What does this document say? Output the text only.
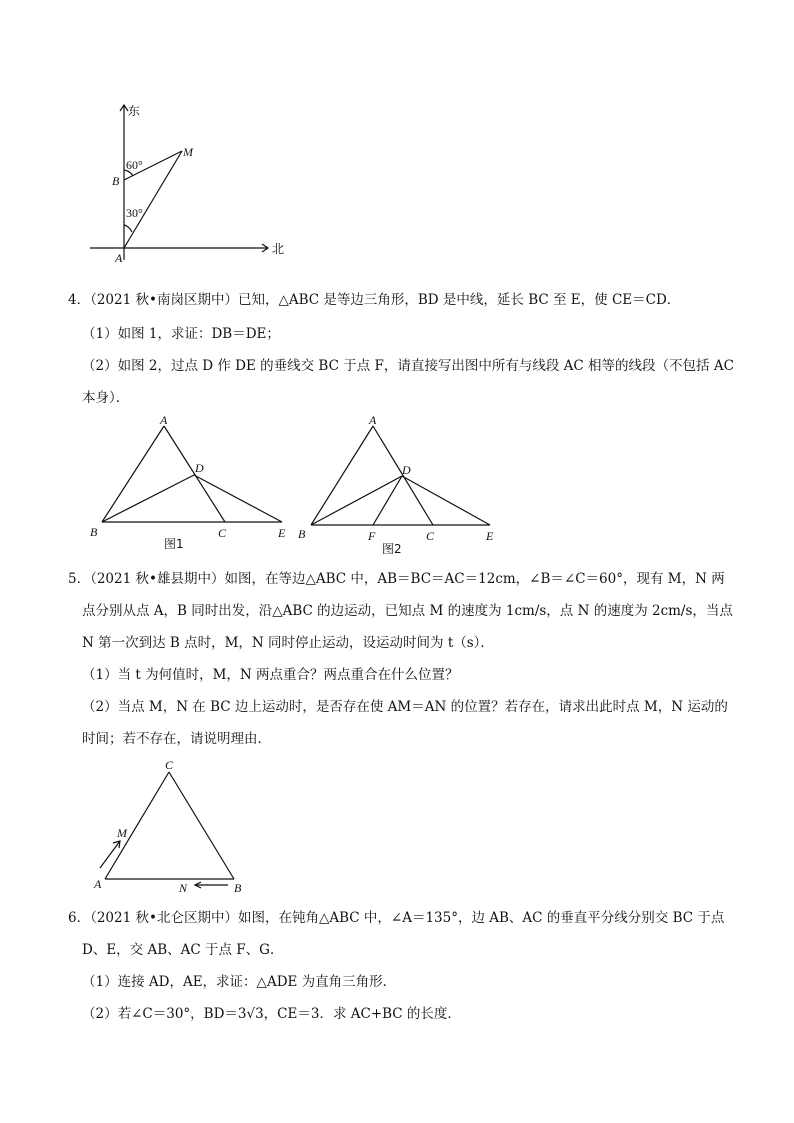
东
北
A
B
M
60°
30°
4．（2021 秋•南岗区期中）已知，△ABC 是等边三角形，BD 是中线，延长 BC 至 E，使 CE＝CD．
（1）如图 1，求证：DB＝DE；
（2）如图 2，过点 D 作 DE 的垂线交 BC 于点 F，请直接写出图中所有与线段 AC 相等的线段（不包括 AC
本身）．
A
B	C
D
E
图1
A
B	C
D
E
F
图2
5．（2021 秋•雄县期中）如图，在等边△ABC 中，AB＝BC＝AC＝12cm，∠B＝∠C＝60°，现有 M，N 两
点分别从点 A，B 同时出发，沿△ABC 的边运动，已知点 M 的速度为 1cm/s，点 N 的速度为 2cm/s，当点
N 第一次到达 B 点时，M，N 同时停止运动，设运动时间为 t（s）．
（1）当 t 为何值时，M，N 两点重合？两点重合在什么位置？
（2）当点 M，N 在 BC 边上运动时，是否存在使 AM＝AN 的位置？若存在，请求出此时点 M，N 运动的
时间；若不存在，请说明理由．
C
A	B
M
N
6．（2021 秋•北仑区期中）如图，在钝角△ABC 中，∠A＝135°，边 AB、AC 的垂直平分线分别交 BC 于点
D、E，交 AB、AC 于点 F、G．
（1）连接 AD，AE，求证：△ADE 为直角三角形．
（2）若∠C＝30°，BD＝3√3，CE＝3．求 AC+BC 的长度．
